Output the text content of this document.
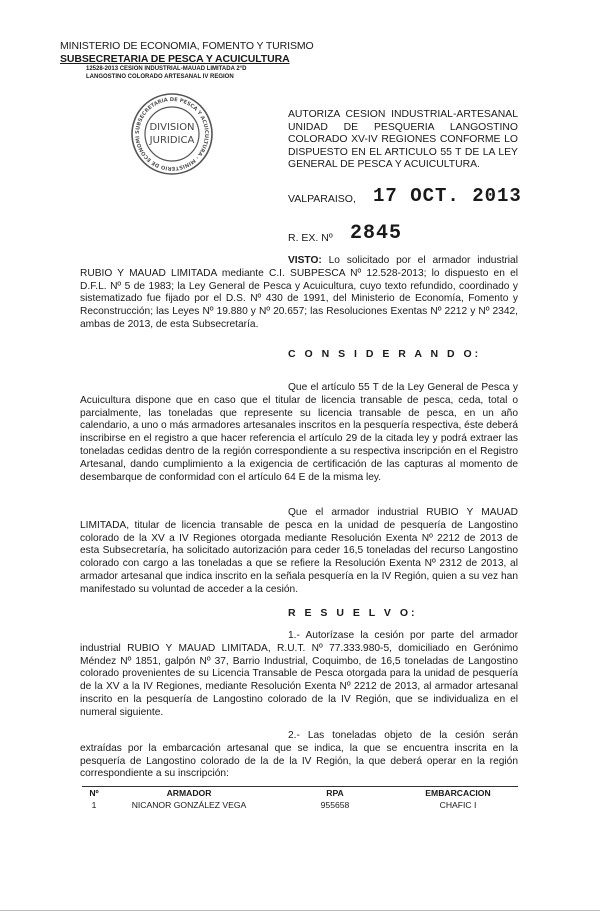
MINISTERIO DE ECONOMIA, FOMENTO Y TURISMO
SUBSECRETARIA DE PESCA Y ACUICULTURA
12528-2013 CESION INDUSTRIAL-MAUAD LIMITADA 2°D
LANGOSTINO COLORADO ARTESANAL IV REGION
SUBSECRETARIA DE PESCA Y ACUICULTURA · MINISTERIO DE ECONOMI
DIVISION
JURIDICA
AUTORIZA CESION INDUSTRIAL-ARTESANAL UNIDAD DE PESQUERIA LANGOSTINO COLORADO XV-IV REGIONES CONFORME LO DISPUESTO EN EL ARTICULO 55 T DE LA LEY GENERAL DE PESCA Y ACUICULTURA.
VALPARAISO, 17 OCT. 2013
R. EX. Nº 2845

VISTO: Lo solicitado por el armador industrial RUBIO Y MAUAD LIMITADA mediante C.I. SUBPESCA Nº 12.528-2013; lo dispuesto en el D.F.L. Nº 5 de 1983; la Ley General de Pesca y Acuicultura, cuyo texto refundido, coordinado y sistematizado fue fijado por el D.S. Nº 430 de 1991, del Ministerio de Economía, Fomento y Reconstrucción; las Leyes Nº 19.880 y Nº 20.657; las Resoluciones Exentas Nº 2212 y Nº 2342, ambas de 2013, de esta Subsecretaría.

C O N S I D E R A N D O:

Que el artículo 55 T de la Ley General de Pesca y Acuicultura dispone que en caso que el titular de licencia transable de pesca, ceda, total o parcialmente, las toneladas que represente su licencia transable de pesca, en un año calendario, a uno o más armadores artesanales inscritos en la pesquería respectiva, éste deberá inscribirse en el registro a que hacer referencia el artículo 29 de la citada ley y podrá extraer las toneladas cedidas dentro de la región correspondiente a su respectiva inscripción en el Registro Artesanal, dando cumplimiento a la exigencia de certificación de las capturas al momento de desembarque de conformidad con el artículo 64 E de la misma ley.

Que el armador industrial RUBIO Y MAUAD LIMITADA, titular de licencia transable de pesca en la unidad de pesquería de Langostino colorado de la XV a IV Regiones otorgada mediante Resolución Exenta Nº 2212 de 2013 de esta Subsecretaría, ha solicitado autorización para ceder 16,5 toneladas del recurso Langostino colorado con cargo a las toneladas a que se refiere la Resolución Exenta Nº 2312 de 2013, al armador artesanal que indica inscrito en la señala pesquería en la IV Región, quien a su vez han manifestado su voluntad de acceder a la cesión.

R E S U E L V O:

1.- Autorízase la cesión por parte del armador industrial RUBIO Y MAUAD LIMITADA, R.U.T. Nº 77.333.980-5, domiciliado en Gerónimo Méndez Nº 1851, galpón Nº 37, Barrio Industrial, Coquimbo, de 16,5 toneladas de Langostino colorado provenientes de su Licencia Transable de Pesca otorgada para la unidad de pesquería de la XV a la IV Regiones, mediante Resolución Exenta Nº 2212 de 2013, al armador artesanal inscrito en la pesquería de Langostino colorado de la IV Región, que se individualiza en el numeral siguiente.

2.- Las toneladas objeto de la cesión serán extraídas por la embarcación artesanal que se indica, la que se encuentra inscrita en la pesquería de Langostino colorado de la de la IV Región, la que deberá operar en la región correspondiente a su inscripción:

Nº	ARMADOR	RPA	EMBARCACION
1	NICANOR GONZÁLEZ VEGA	955658	CHAFIC I
